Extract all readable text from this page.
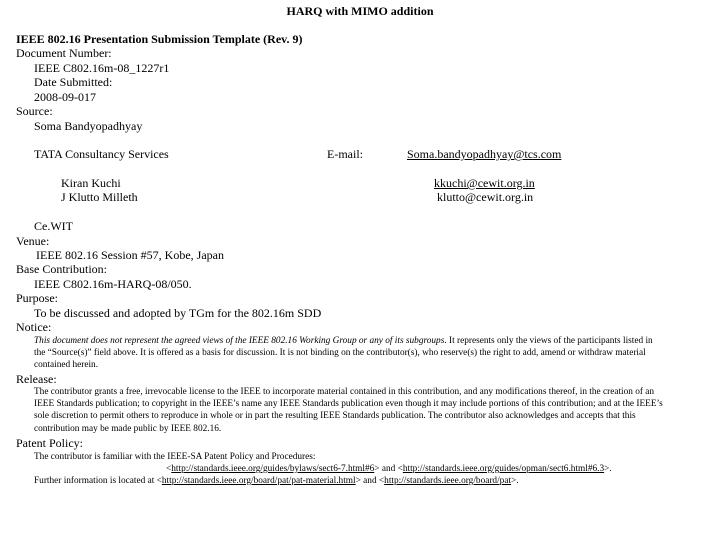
HARQ with MIMO addition
IEEE 802.16 Presentation Submission Template (Rev. 9)
Document Number:
IEEE C802.16m-08_1227r1
Date Submitted:
2008-09-017
Source:
Soma Bandyopadhyay
TATA Consultancy Services	E-mail:	Soma.bandyopadhyay@tcs.com
Kiran Kuchi
J Klutto Milleth
kkuchi@cewit.org.in
klutto@cewit.org.in
Ce.WIT
Venue:
IEEE 802.16 Session #57, Kobe, Japan
Base Contribution:
IEEE C802.16m-HARQ-08/050.
Purpose:
To be discussed and adopted by TGm for the 802.16m SDD
Notice:
This document does not represent the agreed views of the IEEE 802.16 Working Group or any of its subgroups. It represents only the views of the participants listed in
the “Source(s)” field above. It is offered as a basis for discussion. It is not binding on the contributor(s), who reserve(s) the right to add, amend or withdraw material
contained herein.
Release:
The contributor grants a free, irrevocable license to the IEEE to incorporate material contained in this contribution, and any modifications thereof, in the creation of an
IEEE Standards publication; to copyright in the IEEE’s name any IEEE Standards publication even though it may include portions of this contribution; and at the IEEE’s
sole discretion to permit others to reproduce in whole or in part the resulting IEEE Standards publication. The contributor also acknowledges and accepts that this
contribution may be made public by IEEE 802.16.
Patent Policy:
The contributor is familiar with the IEEE-SA Patent Policy and Procedures:
<http://standards.ieee.org/guides/bylaws/sect6-7.html#6> and <http://standards.ieee.org/guides/opman/sect6.html#6.3>.
Further information is located at <http://standards.ieee.org/board/pat/pat-material.html> and <http://standards.ieee.org/board/pat>.
